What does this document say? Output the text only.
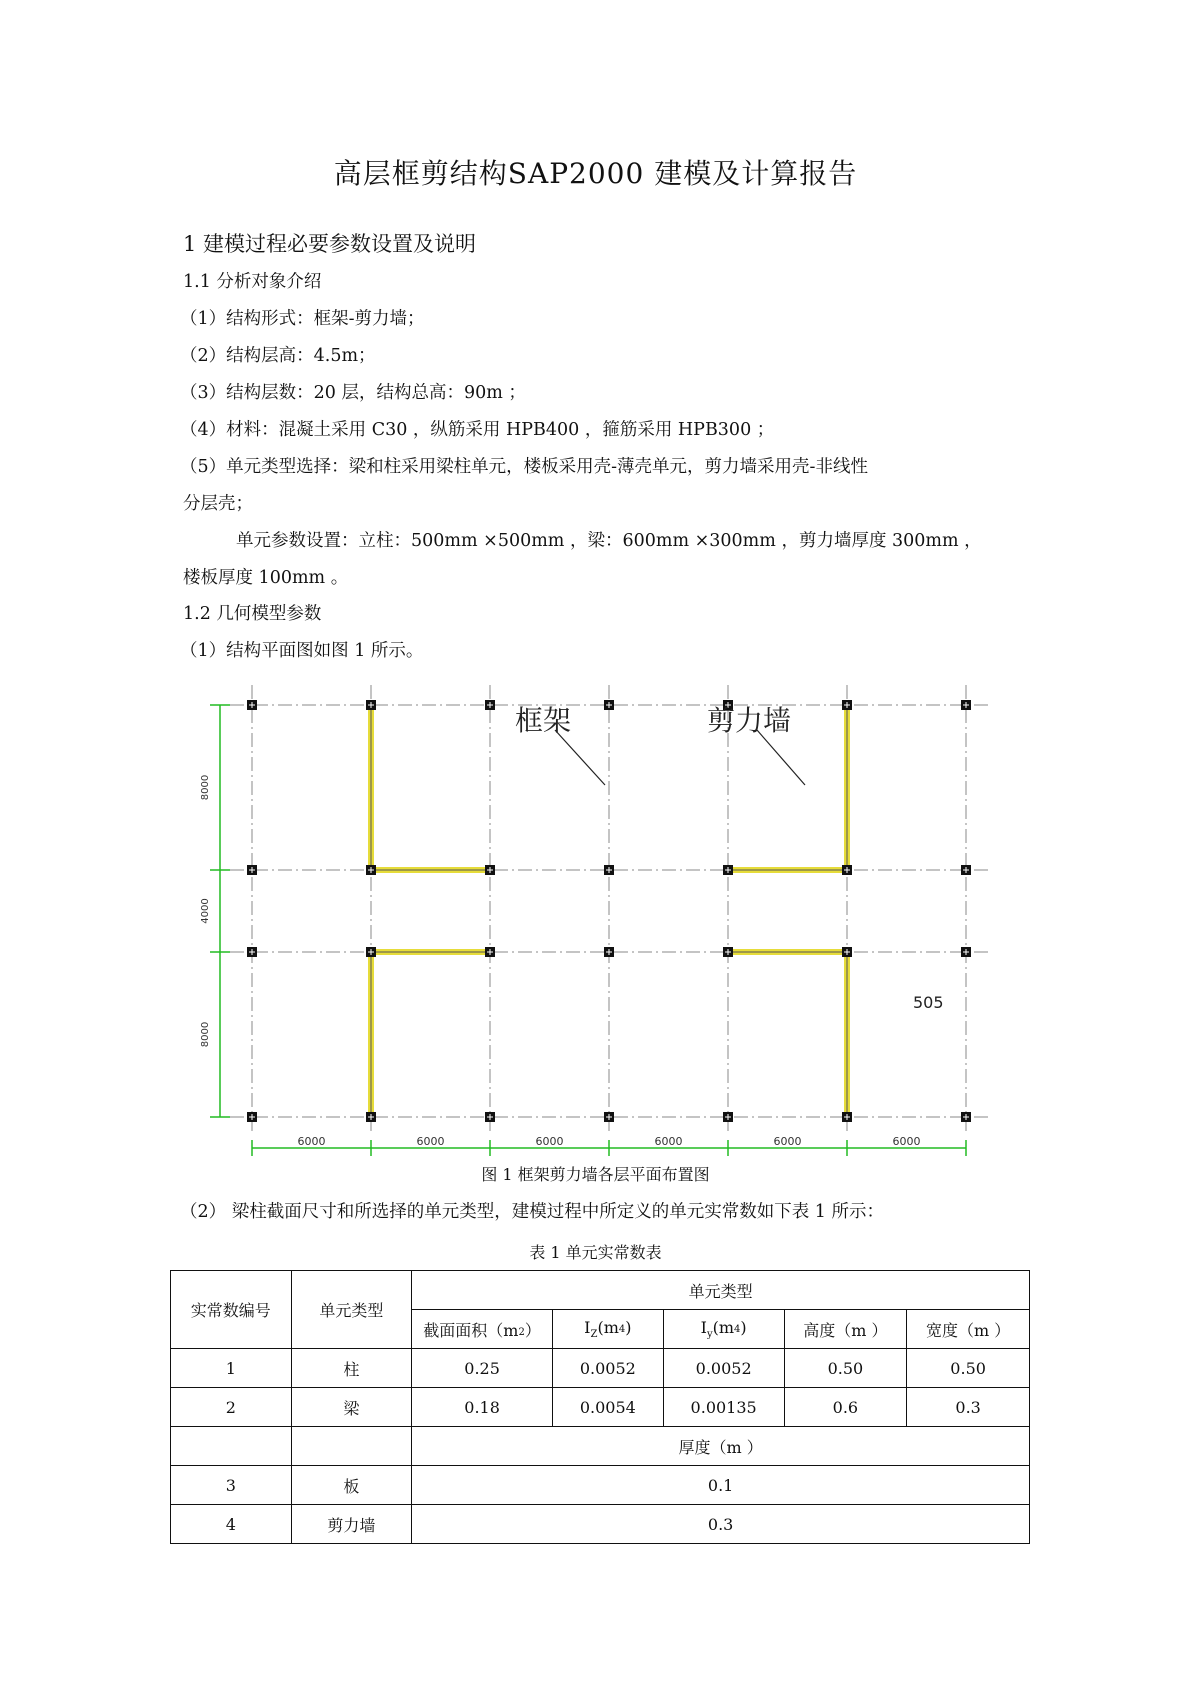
高层框剪结构SAP2000 建模及计算报告
1 建模过程必要参数设置及说明
1.1 分析对象介绍
（1）结构形式：框架-剪力墙；
（2）结构层高：4.5m；
（3）结构层数：20 层，结构总高：90m ；
（4）材料：混凝土采用 C30 ，纵筋采用 HPB400 ，箍筋采用 HPB300 ；
（5）单元类型选择：梁和柱采用梁柱单元，楼板采用壳-薄壳单元，剪力墙采用壳-非线性
分层壳；
单元参数设置：立柱：500mm ×500mm ，梁：600mm ×300mm ，剪力墙厚度 300mm ，
楼板厚度 100mm 。
1.2 几何模型参数
（1）结构平面图如图 1 所示。
8000
4000
8000
6000	6000	6000	6000	6000	6000
框架	剪力墙
505
图 1 框架剪力墙各层平面布置图
（2） 梁柱截面尺寸和所选择的单元类型，建模过程中所定义的单元实常数如下表 1 所示：
表 1 单元实常数表
实常数编号	单元类型	单元类型				
		截面面积$(m^2)$	$I_Z(m^4)$	$I_y(m^4)$	高度（m ）	宽度（m ）
1	柱	0.25	0.0052	0.0052	0.50	0.50
2	梁	0.18	0.0054	0.00135	0.6	0.3
		厚度（m ）				
3	板	0.1				
4	剪力墙	0.3				
